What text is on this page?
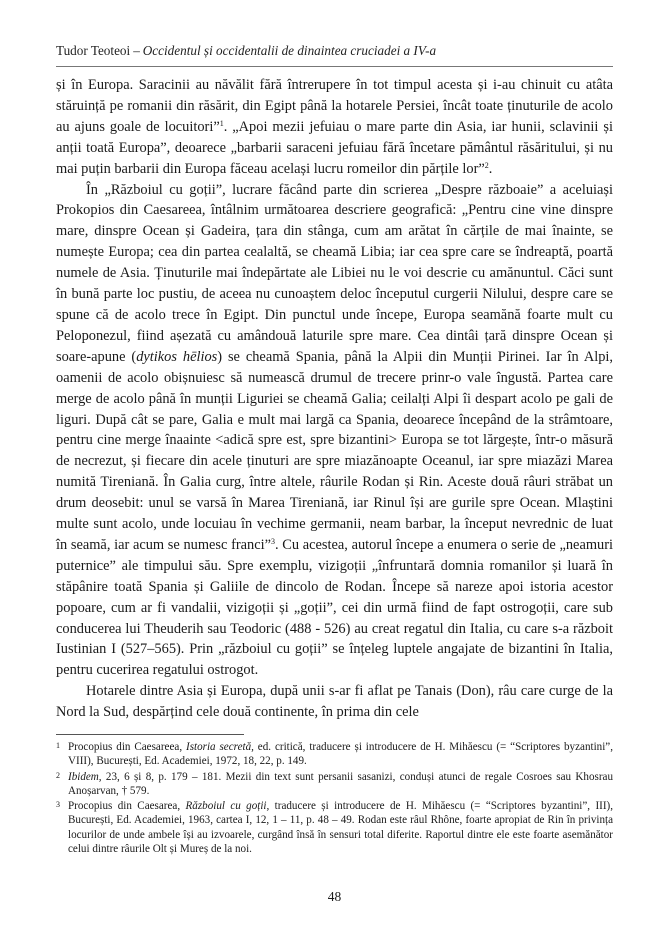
Tudor Teoteoi – Occidentul și occidentalii de dinaintea cruciadei a IV-a

și în Europa. Saracinii au năvălit fără întrerupere în tot timpul acesta și i-au chinuit cu atâta stăruință pe romanii din răsărit, din Egipt până la hotarele Persiei, încât toate ținuturile de acolo au ajuns goale de locuitori”$^1$. „Apoi mezii jefuiau o mare parte din Asia, iar hunii, sclavinii și anții toată Europa”, deoarece „barbarii saraceni jefuiau fără încetare pământul răsăritului, și nu mai puțin barbarii din Europa făceau același lucru romeilor din părțile lor”$^2$.

În „Războiul cu goții”, lucrare făcând parte din scrierea „Despre războaie” a aceluiași Prokopios din Caesareea, întâlnim următoarea descriere geografică: „Pentru cine vine dinspre mare, dinspre Ocean și Gadeira, țara din stânga, cum am arătat în cărțile de mai înainte, se numește Europa; cea din partea cealaltă, se cheamă Libia; iar cea spre care se îndreaptă, poartă numele de Asia. Ținuturile mai îndepărtate ale Libiei nu le voi descrie cu amănuntul. Căci sunt în bună parte loc pustiu, de aceea nu cunoaștem deloc începutul curgerii Nilului, despre care se spune că de acolo trece în Egipt. Din punctul unde începe, Europa seamănă foarte mult cu Peloponezul, fiind așezată cu amândouă laturile spre mare. Cea dintâi țară dinspre Ocean și soare-apune (dytikos hēlios) se cheamă Spania, până la Alpii din Munții Pirinei. Iar în Alpi, oamenii de acolo obișnuiesc să numească drumul de trecere prinr-o vale îngustă. Partea care merge de acolo până în munții Liguriei se cheamă Galia; ceilalți Alpi îi despart acolo pe gali de liguri. După cât se pare, Galia e mult mai largă ca Spania, deoarece începând de la strâmtoare, pentru cine merge înaainte <adică spre est, spre bizantini> Europa se tot lărgește, într-o măsură de necrezut, și fiecare din acele ținuturi are spre miazănoapte Oceanul, iar spre miazăzi Marea numită Tireniană. În Galia curg, între altele, râurile Rodan și Rin. Aceste două râuri străbat un drum deosebit: unul se varsă în Marea Tireniană, iar Rinul își are gurile spre Ocean. Mlaștini multe sunt acolo, unde locuiau în vechime germanii, neam barbar, la început nevrednic de luat în seamă, iar acum se numesc franci”$^3$. Cu acestea, autorul începe a enumera o serie de „neamuri puternice” ale timpului său. Spre exemplu, vizigoții „înfruntară domnia romanilor și luară în stăpânire toată Spania și Galiile de dincolo de Rodan. Începe să nareze apoi istoria acestor popoare, cum ar fi vandalii, vizigoții și „goții”, cei din urmă fiind de fapt ostrogoții, care sub conducerea lui Theuderih sau Teodoric (488 - 526) au creat regatul din Italia, cu care s-a războit Iustinian I (527–565). Prin „războiul cu goții” se înțeleg luptele angajate de bizantini în Italia, pentru cucerirea regatului ostrogot.

Hotarele dintre Asia și Europa, după unii s-ar fi aflat pe Tanais (Don), râu care curge de la Nord la Sud, despărțind cele două continente, în prima din cele

1 Procopius din Caesareea, Istoria secretă, ed. critică, traducere și introducere de H. Mihăescu (= “Scriptores byzantini”, VIII), București, Ed. Academiei, 1972, 18, 22, p. 149.
2 Ibidem, 23, 6 și 8, p. 179 – 181. Mezii din text sunt persanii sasanizi, conduși atunci de regale Cosroes sau Khosrau Anoșarvan, † 579.
3 Procopius din Caesarea, Războiul cu goții, traducere și introducere de H. Mihăescu (= “Scriptores byzantini”, III), București, Ed. Academiei, 1963, cartea I, 12, 1 – 11, p. 48 – 49. Rodan este râul Rhône, foarte apropiat de Rin în privința locurilor de unde ambele își au izvoarele, curgând însă în sensuri total diferite. Raportul dintre ele este foarte asemănător celui dintre râurile Olt și Mureș de la noi.
48
